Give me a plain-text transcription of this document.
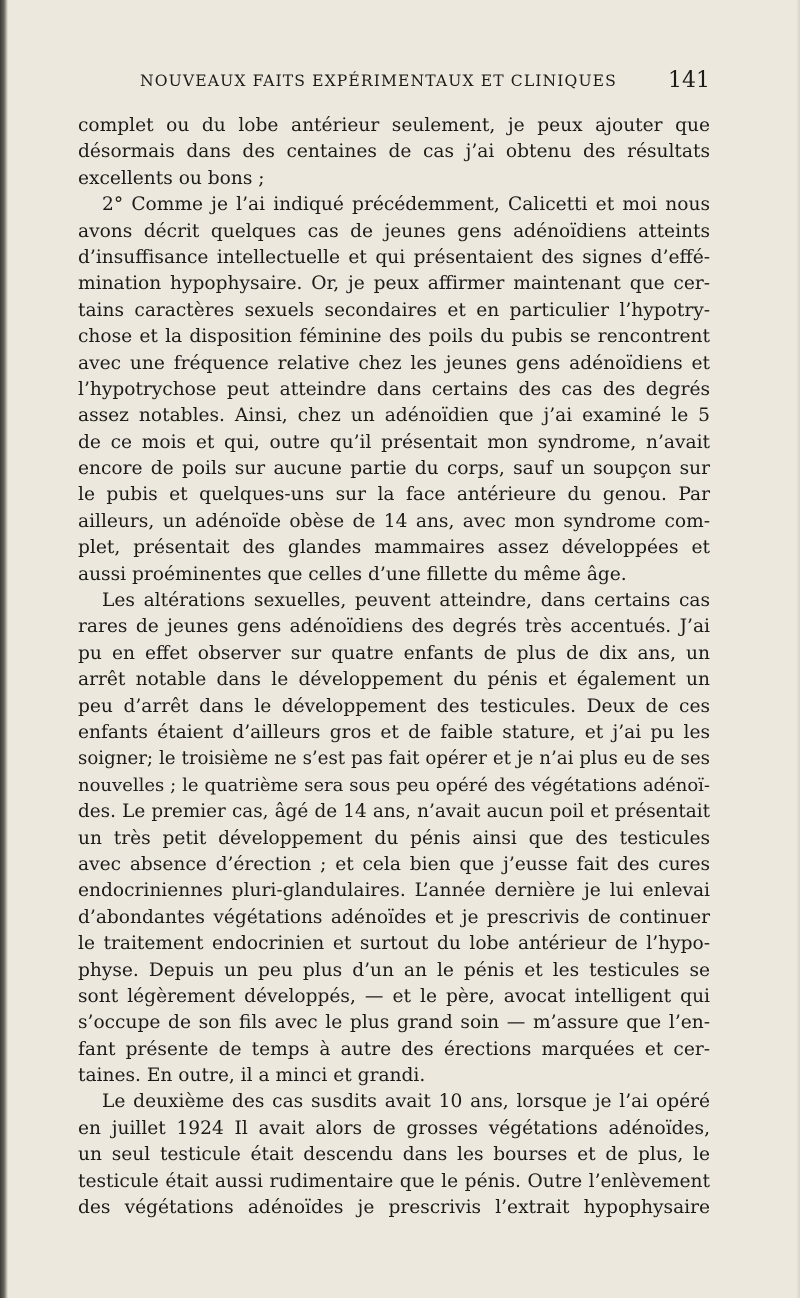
NOUVEAUX FAITS EXPÉRIMENTAUX ET CLINIQUES 141
complet ou du lobe antérieur seulement, je peux ajouter que
désormais dans des centaines de cas j’ai obtenu des résultats
excellents ou bons ;
2° Comme je l’ai indiqué précédemment, Calicetti et moi nous
avons décrit quelques cas de jeunes gens adénoïdiens atteints
d’insuffisance intellectuelle et qui présentaient des signes d’effé-
mination hypophysaire. Or, je peux affirmer maintenant que cer-
tains caractères sexuels secondaires et en particulier l’hypotry-
chose et la disposition féminine des poils du pubis se rencontrent
avec une fréquence relative chez les jeunes gens adénoïdiens et
l’hypotrychose peut atteindre dans certains des cas des degrés
assez notables. Ainsi, chez un adénoïdien que j’ai examiné le 5
de ce mois et qui, outre qu’il présentait mon syndrome, n’avait
encore de poils sur aucune partie du corps, sauf un soupçon sur
le pubis et quelques-uns sur la face antérieure du genou. Par
ailleurs, un adénoïde obèse de 14 ans, avec mon syndrome com-
plet, présentait des glandes mammaires assez développées et
aussi proéminentes que celles d’une fillette du même âge.
Les altérations sexuelles, peuvent atteindre, dans certains cas
rares de jeunes gens adénoïdiens des degrés très accentués. J’ai
pu en effet observer sur quatre enfants de plus de dix ans, un
arrêt notable dans le développement du pénis et également un
peu d’arrêt dans le développement des testicules. Deux de ces
enfants étaient d’ailleurs gros et de faible stature, et j’ai pu les
soigner; le troisième ne s’est pas fait opérer et je n’ai plus eu de ses
nouvelles ; le quatrième sera sous peu opéré des végétations adénoï-
des. Le premier cas, âgé de 14 ans, n’avait aucun poil et présentait
un très petit développement du pénis ainsi que des testicules
avec absence d’érection ; et cela bien que j’eusse fait des cures
endocriniennes pluri-glandulaires. L’année dernière je lui enlevai
d’abondantes végétations adénoïdes et je prescrivis de continuer
le traitement endocrinien et surtout du lobe antérieur de l’hypo-
physe. Depuis un peu plus d’un an le pénis et les testicules se
sont légèrement développés, — et le père, avocat intelligent qui
s’occupe de son fils avec le plus grand soin — m’assure que l’en-
fant présente de temps à autre des érections marquées et cer-
taines. En outre, il a minci et grandi.
Le deuxième des cas susdits avait 10 ans, lorsque je l’ai opéré
en juillet 1924 Il avait alors de grosses végétations adénoïdes,
un seul testicule était descendu dans les bourses et de plus, le
testicule était aussi rudimentaire que le pénis. Outre l’enlèvement
des végétations adénoïdes je prescrivis l’extrait hypophysaire
